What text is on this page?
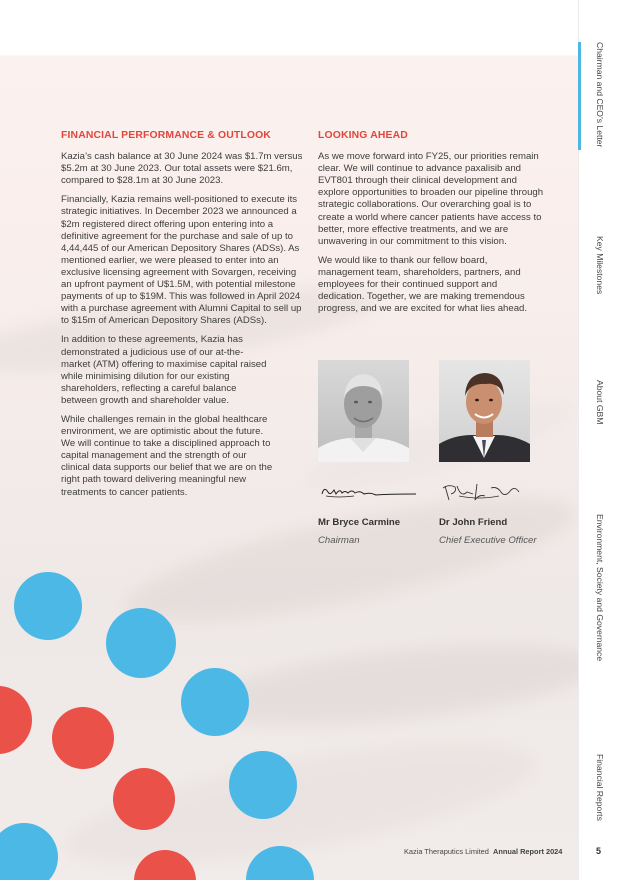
FINANCIAL PERFORMANCE & OUTLOOK

Kazia’s cash balance at 30 June 2024 was $1.7m versus $5.2m at 30 June 2023. Our total assets were $21.6m, compared to $28.1m at 30 June 2023.

Financially, Kazia remains well-positioned to execute its strategic initiatives. In December 2023 we announced a $2m registered direct offering upon entering into a definitive agreement for the purchase and sale of up to 4,44,445 of our American Depository Shares (ADSs). As mentioned earlier, we were pleased to enter into an exclusive licensing agreement with Sovargen, receiving an upfront payment of U$1.5M, with potential milestone payments of up to $19M. This was followed in April 2024 with a purchase agreement with Alumni Capital to sell up to $15m of American Depository Shares (ADSs).

In addition to these agreements, Kazia has demonstrated a judicious use of our at-the-market (ATM) offering to maximise capital raised while minimising dilution for our existing shareholders, reflecting a careful balance between growth and shareholder value.

While challenges remain in the global healthcare environment, we are optimistic about the future. We will continue to take a disciplined approach to capital management and the strength of our clinical data supports our belief that we are on the right path toward delivering meaningful new treatments to cancer patients.

LOOKING AHEAD

As we move forward into FY25, our priorities remain clear. We will continue to advance paxalisib and EVT801 through their clinical development and explore opportunities to broaden our pipeline through strategic collaborations. Our overarching goal is to create a world where cancer patients have access to better, more effective treatments, and we are unwavering in our commitment to this vision.

We would like to thank our fellow board, management team, shareholders, partners, and employees for their continued support and dedication. Together, we are making tremendous progress, and we are excited for what lies ahead.

Mr Bryce Carmine
Chairman
Dr John Friend
Chief Executive Officer
Chairman and CEO’s Letter
Key Milestones
About GBM
Environment, Society and Governance
Financial Reports
Kazia Theraputics Limited Annual Report 2024	5
